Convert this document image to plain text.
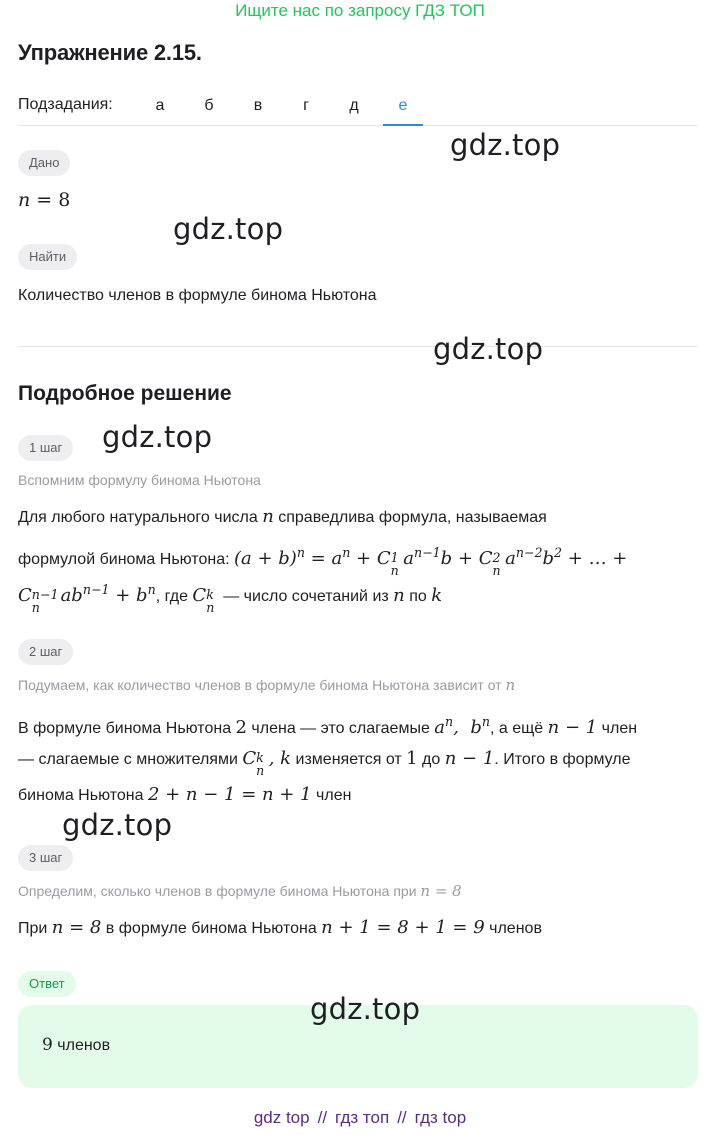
Ищите нас по запросу ГДЗ ТОП
Упражнение 2.15.
Подзадания:	а	б	в	г	д	е
Дано
n = 8
Найти
Количество членов в формуле бинома Ньютона
Подробное решение
1 шаг
Вспомним формулу бинома Ньютона
Для любого натурального числа n справедлива формула, называемая
формулой бинома Ньютона: $(a + b)^n = a^n + C$ 1
n
$a^{n-1}b + C$ 2
n
$a^{n-2}b^2$ + … +
C n−1
n
$ab^{n-1} + b^n$, где C k
n
— число сочетаний из n по k
2 шаг
Подумаем, как количество членов в формуле бинома Ньютона зависит от n
В формуле бинома Ньютона 2 члена — это слагаемые $a^n$,  $b^n$, а ещё n − 1 член
— слагаемые с множителями C k
n
, k изменяется от 1 до n − 1. Итого в формуле
бинома Ньютона 2 + n − 1 = n + 1 член
3 шаг
Определим, сколько членов в формуле бинома Ньютона при n = 8
При n = 8 в формуле бинома Ньютона n + 1 = 8 + 1 = 9 членов
Ответ
9 членов
gdz.top
gdz.top
gdz.top
gdz.top
gdz.top
gdz.top
gdz top // гдз топ // гдз top
